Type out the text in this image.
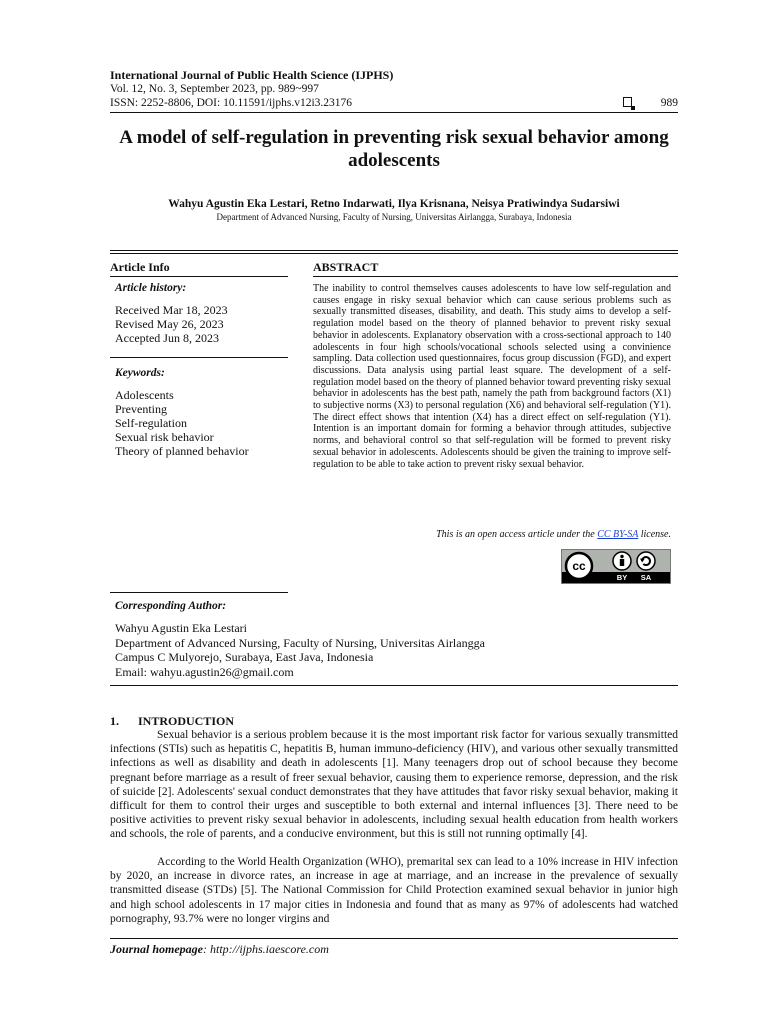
International Journal of Public Health Science (IJPHS)
Vol. 12, No. 3, September 2023, pp. 989~997
ISSN: 2252-8806, DOI: 10.11591/ijphs.v12i3.23176	989
A model of self-regulation in preventing risk sexual behavior among adolescents
Wahyu Agustin Eka Lestari, Retno Indarwati, Ilya Krisnana, Neisya Pratiwindya Sudarsiwi
Department of Advanced Nursing, Faculty of Nursing, Universitas Airlangga, Surabaya, Indonesia
Article Info
Article history:
Received Mar 18, 2023
Revised May 26, 2023
Accepted Jun 8, 2023
Keywords:
Adolescents
Preventing
Self-regulation
Sexual risk behavior
Theory of planned behavior
ABSTRACT
The inability to control themselves causes adolescents to have low self-regulation and causes engage in risky sexual behavior which can cause serious problems such as sexually transmitted diseases, disability, and death. This study aims to develop a self-regulation model based on the theory of planned behavior to prevent risky sexual behavior in adolescents. Explanatory observation with a cross-sectional approach to 140 adolescents in four high schools/vocational schools selected using a convinience sampling. Data collection used questionnaires, focus group discussion (FGD), and expert discussions. Data analysis using partial least square. The development of a self-regulation model based on the theory of planned behavior toward preventing risky sexual behavior in adolescents has the best path, namely the path from background factors (X1) to subjective norms (X3) to personal regulation (X6) and behavioral self-regulation (Y1). The direct effect shows that intention (X4) has a direct effect on self-regulation (Y1). Intention is an important domain for forming a behavior through attitudes, subjective norms, and behavioral control so that self-regulation will be formed to prevent risky sexual behavior in adolescents. Adolescents should be given the training to improve self-regulation to be able to take action to prevent risky sexual behavior.
This is an open access article under the CC BY-SA license.
cc
BY SA
Corresponding Author:
Wahyu Agustin Eka Lestari
Department of Advanced Nursing, Faculty of Nursing, Universitas Airlangga
Campus C Mulyorejo, Surabaya, East Java, Indonesia
Email: wahyu.agustin26@gmail.com
1. INTRODUCTION
Sexual behavior is a serious problem because it is the most important risk factor for various sexually transmitted infections (STIs) such as hepatitis C, hepatitis B, human immuno-deficiency (HIV), and various other sexually transmitted infections as well as disability and death in adolescents [1]. Many teenagers drop out of school because they become pregnant before marriage as a result of freer sexual behavior, causing them to experience remorse, depression, and the risk of suicide [2]. Adolescents' sexual conduct demonstrates that they have attitudes that favor risky sexual behavior, making it difficult for them to control their urges and susceptible to both external and internal influences [3]. There need to be positive activities to prevent risky sexual behavior in adolescents, including sexual health education from health workers and schools, the role of parents, and a conducive environment, but this is still not running optimally [4].
According to the World Health Organization (WHO), premarital sex can lead to a 10% increase in HIV infection by 2020, an increase in divorce rates, an increase in age at marriage, and an increase in the prevalence of sexually transmitted disease (STDs) [5]. The National Commission for Child Protection examined sexual behavior in junior high and high school adolescents in 17 major cities in Indonesia and found that as many as 97% of adolescents had watched pornography, 93.7% were no longer virgins and
Journal homepage: http://ijphs.iaescore.com
